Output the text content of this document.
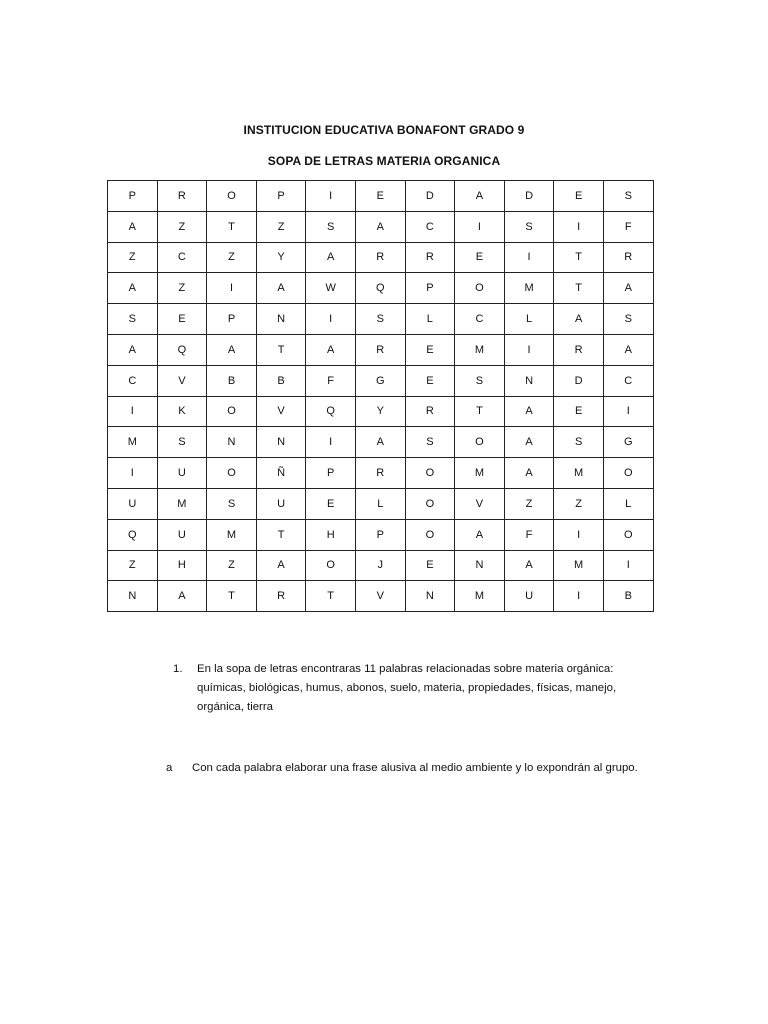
INSTITUCION EDUCATIVA BONAFONT GRADO 9
SOPA DE LETRAS MATERIA ORGANICA
P	R	O	P	I	E	D	A	D	E	S
A	Z	T	Z	S	A	C	I	S	I	F
Z	C	Z	Y	A	R	R	E	I	T	R
A	Z	I	A	W	Q	P	O	M	T	A
S	E	P	N	I	S	L	C	L	A	S
A	Q	A	T	A	R	E	M	I	R	A
C	V	B	B	F	G	E	S	N	D	C
I	K	O	V	Q	Y	R	T	A	E	I
M	S	N	N	I	A	S	O	A	S	G
I	U	O	Ñ	P	R	O	M	A	M	O
U	M	S	U	E	L	O	V	Z	Z	L
Q	U	M	T	H	P	O	A	F	I	O
Z	H	Z	A	O	J	E	N	A	M	I
N	A	T	R	T	V	N	M	U	I	B
1. En la sopa de letras encontraras 11 palabras relacionadas sobre materia orgánica: químicas, biológicas, humus, abonos, suelo, materia, propiedades, físicas, manejo, orgánica, tierra
a Con cada palabra elaborar una frase alusiva al medio ambiente y lo expondrán al grupo.
